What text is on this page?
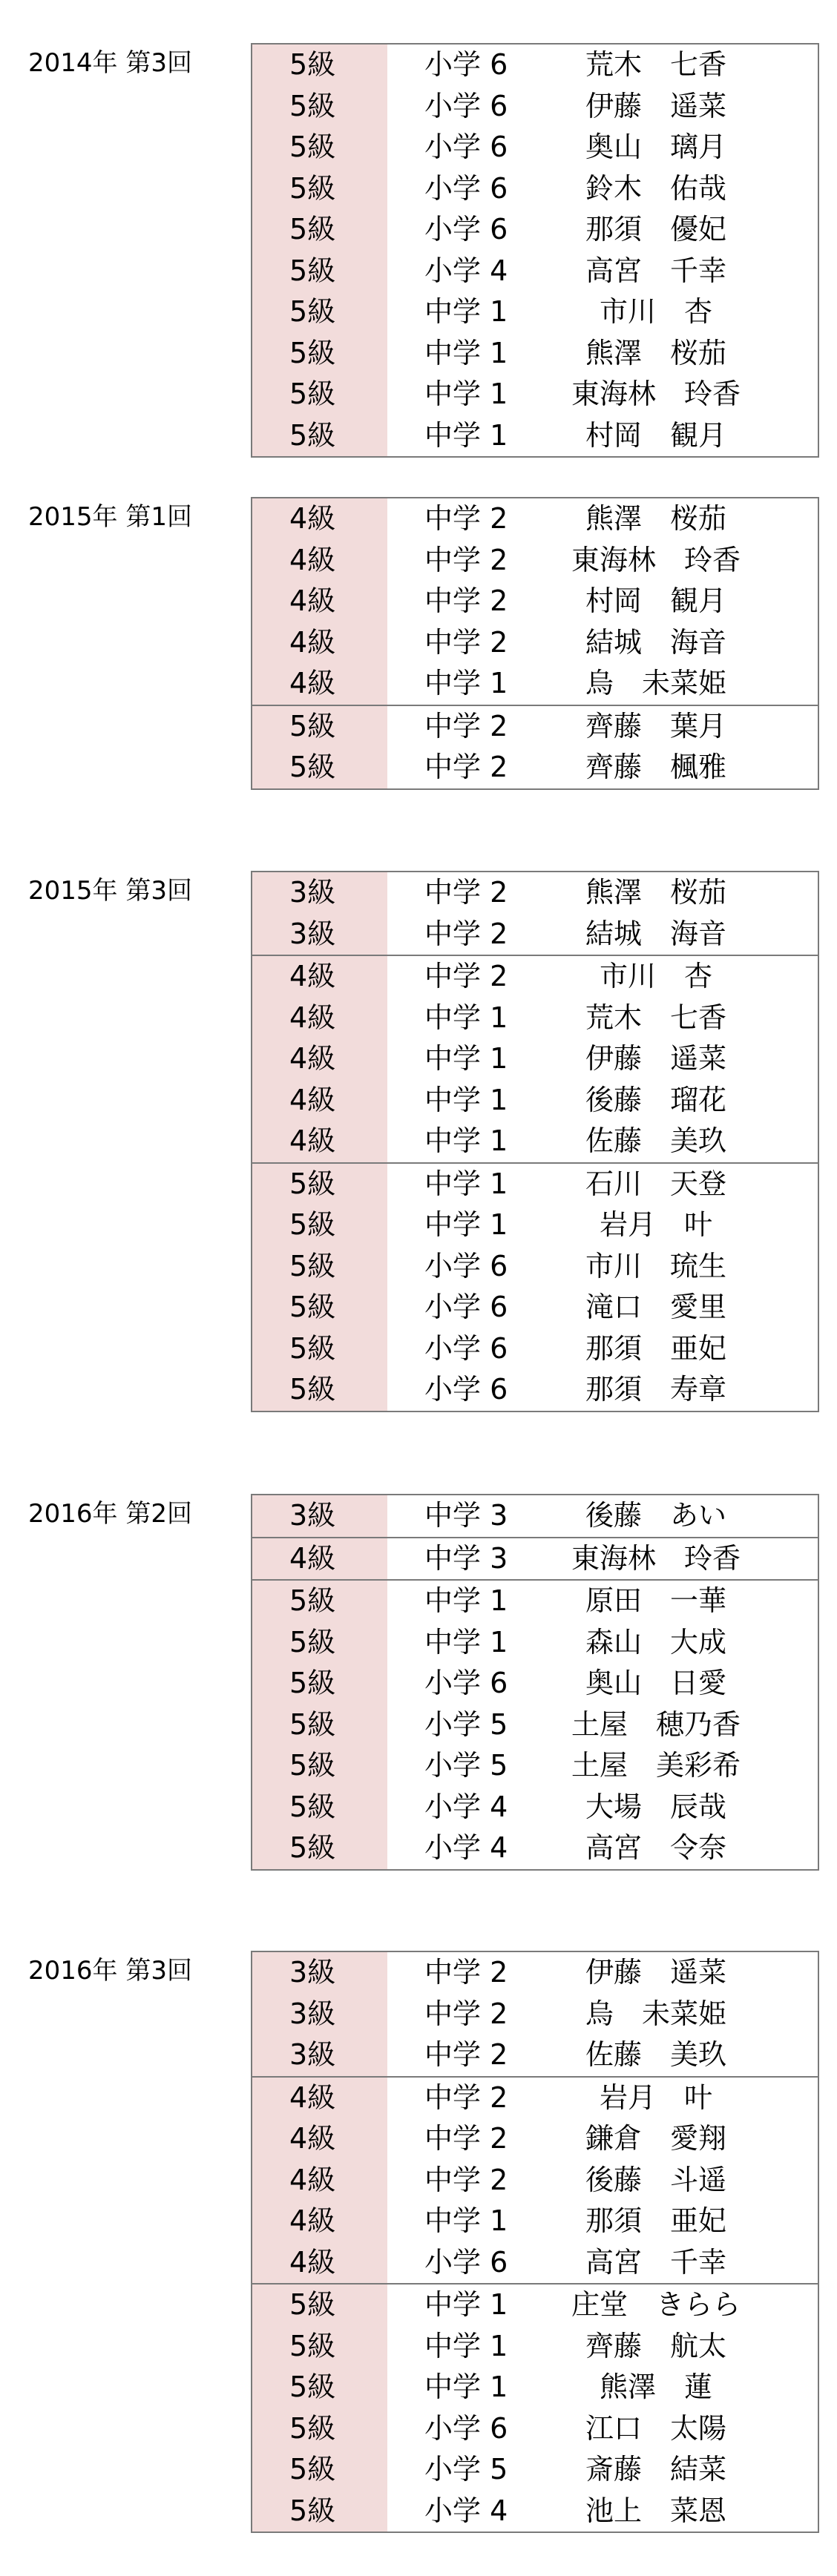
2014年 第3回	5級	小学 6	荒木　七香
5級	小学 6	伊藤　遥菜
5級	小学 6	奥山　璃月
5級	小学 6	鈴木　佑哉
5級	小学 6	那須　優妃
5級	小学 4	高宮　千幸
5級	中学 1	市川　杏
5級	中学 1	熊澤　桜茄
5級	中学 1	東海林　玲香
5級	中学 1	村岡　観月
2015年 第1回	4級	中学 2	熊澤　桜茄
4級	中学 2	東海林　玲香
4級	中学 2	村岡　観月
4級	中学 2	結城　海音
4級	中学 1	烏　未菜姫
5級	中学 2	齊藤　葉月
5級	中学 2	齊藤　楓雅
2015年 第3回	3級	中学 2	熊澤　桜茄
3級	中学 2	結城　海音
4級	中学 2	市川　杏
4級	中学 1	荒木　七香
4級	中学 1	伊藤　遥菜
4級	中学 1	後藤　瑠花
4級	中学 1	佐藤　美玖
5級	中学 1	石川　天登
5級	中学 1	岩月　叶
5級	小学 6	市川　琉生
5級	小学 6	滝口　愛里
5級	小学 6	那須　亜妃
5級	小学 6	那須　寿章
2016年 第2回	3級	中学 3	後藤　あい
4級	中学 3	東海林　玲香
5級	中学 1	原田　一華
5級	中学 1	森山　大成
5級	小学 6	奥山　日愛
5級	小学 5	土屋　穂乃香
5級	小学 5	土屋　美彩希
5級	小学 4	大場　辰哉
5級	小学 4	高宮　令奈
2016年 第3回	3級	中学 2	伊藤　遥菜
3級	中学 2	烏　未菜姫
3級	中学 2	佐藤　美玖
4級	中学 2	岩月　叶
4級	中学 2	鎌倉　愛翔
4級	中学 2	後藤　斗遥
4級	中学 1	那須　亜妃
4級	小学 6	高宮　千幸
5級	中学 1	庄堂　きらら
5級	中学 1	齊藤　航太
5級	中学 1	熊澤　蓮
5級	小学 6	江口　太陽
5級	小学 5	斎藤　結菜
5級	小学 4	池上　菜恩
